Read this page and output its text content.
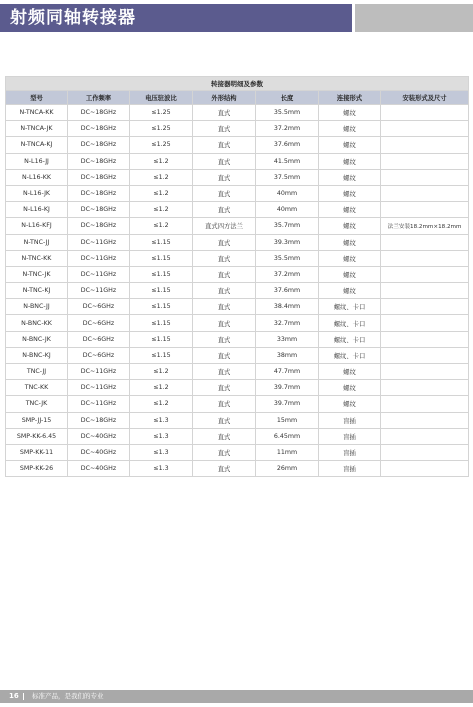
射频同轴转接器
转接器明细及参数						
型号	工作频率	电压驻波比	外形结构	长度	连接形式	安装形式及尺寸
N-TNCA-KK	DC~18GHz	≤1.25	直式	35.5mm	螺纹	
N-TNCA-JK	DC~18GHz	≤1.25	直式	37.2mm	螺纹	
N-TNCA-KJ	DC~18GHz	≤1.25	直式	37.6mm	螺纹	
N-L16-JJ	DC~18GHz	≤1.2	直式	41.5mm	螺纹	
N-L16-KK	DC~18GHz	≤1.2	直式	37.5mm	螺纹	
N-L16-JK	DC~18GHz	≤1.2	直式	40mm	螺纹	
N-L16-KJ	DC~18GHz	≤1.2	直式	40mm	螺纹	
N-L16-KFJ	DC~18GHz	≤1.2	直式四方法兰	35.7mm	螺纹	法兰安装18.2mm×18.2mm
N-TNC-JJ	DC~11GHz	≤1.15	直式	39.3mm	螺纹	
N-TNC-KK	DC~11GHz	≤1.15	直式	35.5mm	螺纹	
N-TNC-JK	DC~11GHz	≤1.15	直式	37.2mm	螺纹	
N-TNC-KJ	DC~11GHz	≤1.15	直式	37.6mm	螺纹	
N-BNC-JJ	DC~6GHz	≤1.15	直式	38.4mm	螺纹、卡口	
N-BNC-KK	DC~6GHz	≤1.15	直式	32.7mm	螺纹、卡口	
N-BNC-JK	DC~6GHz	≤1.15	直式	33mm	螺纹、卡口	
N-BNC-KJ	DC~6GHz	≤1.15	直式	38mm	螺纹、卡口	
TNC-JJ	DC~11GHz	≤1.2	直式	47.7mm	螺纹	
TNC-KK	DC~11GHz	≤1.2	直式	39.7mm	螺纹	
TNC-JK	DC~11GHz	≤1.2	直式	39.7mm	螺纹	
SMP-JJ-15	DC~18GHz	≤1.3	直式	15mm	盲插	
SMP-KK-6.45	DC~40GHz	≤1.3	直式	6.45mm	盲插	
SMP-KK-11	DC~40GHz	≤1.3	直式	11mm	盲插	
SMP-KK-26	DC~40GHz	≤1.3	直式	26mm	盲插	
16 标准产品，是我们的专业
